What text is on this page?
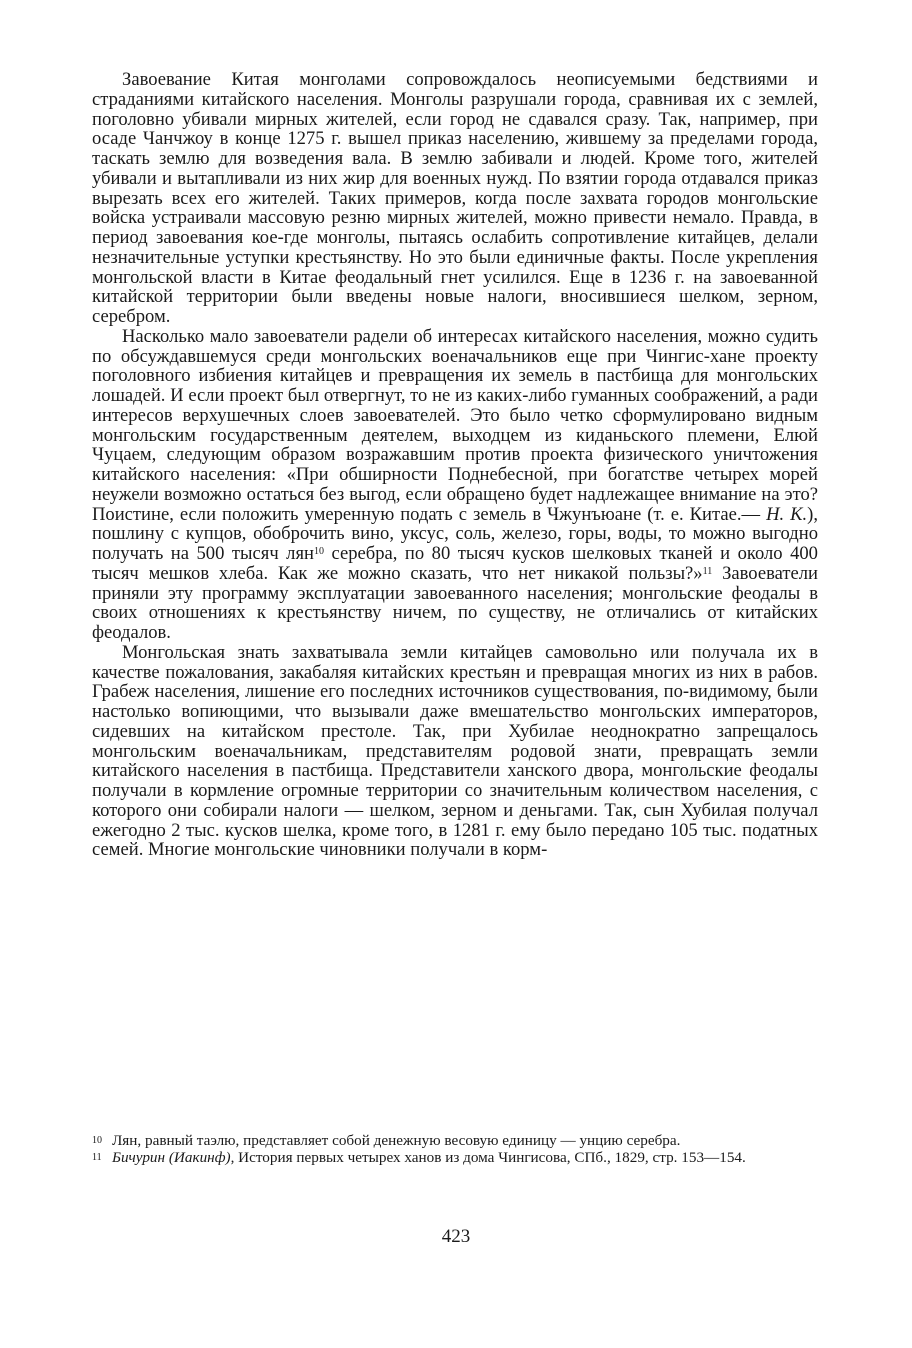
Завоевание Китая монголами сопровождалось неописуемыми бедствиями и страданиями китайского населения. Монголы разрушали города, сравнивая их с землей, поголовно убивали мирных жителей, если город не сдавался сразу. Так, например, при осаде Чанчжоу в конце 1275 г. вышел приказ населению, жившему за пределами города, таскать землю для возведения вала. В землю забивали и людей. Кроме того, жителей убивали и вытапливали из них жир для военных нужд. По взятии города отдавался приказ вырезать всех его жителей. Таких примеров, когда после захвата городов монгольские войска устраивали массовую резню мирных жителей, можно привести немало. Правда, в период завоевания кое-где монголы, пытаясь ослабить сопротивление китайцев, делали незначительные уступки крестьянству. Но это были единичные факты. После укрепления монгольской власти в Китае феодальный гнет усилился. Еще в 1236 г. на завоеванной китайской территории были введены новые налоги, вносившиеся шелком, зерном, серебром.

Насколько мало завоеватели радели об интересах китайского населения, можно судить по обсуждавшемуся среди монгольских военачальников еще при Чингис-хане проекту поголовного избиения китайцев и превращения их земель в пастбища для монгольских лошадей. И если проект был отвергнут, то не из каких-либо гуманных соображений, а ради интересов верхушечных слоев завоевателей. Это было четко сформулировано видным монгольским государственным деятелем, выходцем из киданьского племени, Елюй Чуцаем, следующим образом возражавшим против проекта физического уничтожения китайского населения: «При обширности Поднебесной, при богатстве четырех морей неужели возможно остаться без выгод, если обращено будет надлежащее внимание на это? Поистине, если положить умеренную подать с земель в Чжунъюане (т. е. Китае.— Н. К.), пошлину с купцов, обоброчить вино, уксус, соль, железо, горы, воды, то можно выгодно получать на 500 тысяч лян$^{10}$ серебра, по 80 тысяч кусков шелковых тканей и около 400 тысяч мешков хлеба. Как же можно сказать, что нет никакой пользы?»$^{11}$ Завоеватели приняли эту программу эксплуатации завоеванного населения; монгольские феодалы в своих отношениях к крестьянству ничем, по существу, не отличались от китайских феодалов.

Монгольская знать захватывала земли китайцев самовольно или получала их в качестве пожалования, закабаляя китайских крестьян и превращая многих из них в рабов. Грабеж населения, лишение его последних источников существования, по-видимому, были настолько вопиющими, что вызывали даже вмешательство монгольских императоров, сидевших на китайском престоле. Так, при Хубилае неоднократно запрещалось монгольским военачальникам, представителям родовой знати, превращать земли китайского населения в пастбища. Представители ханского двора, монгольские феодалы получали в кормление огромные территории со значительным количеством населения, с которого они собирали налоги — шелком, зерном и деньгами. Так, сын Хубилая получал ежегодно 2 тыс. кусков шелка, кроме того, в 1281 г. ему было передано 105 тыс. податных семей. Многие монгольские чиновники получали в корм-

10 Лян, равный таэлю, представляет собой денежную весовую единицу — унцию серебра.

11 Бичурин (Иакинф), История первых четырех ханов из дома Чингисова, СПб., 1829, стр. 153—154.

423
